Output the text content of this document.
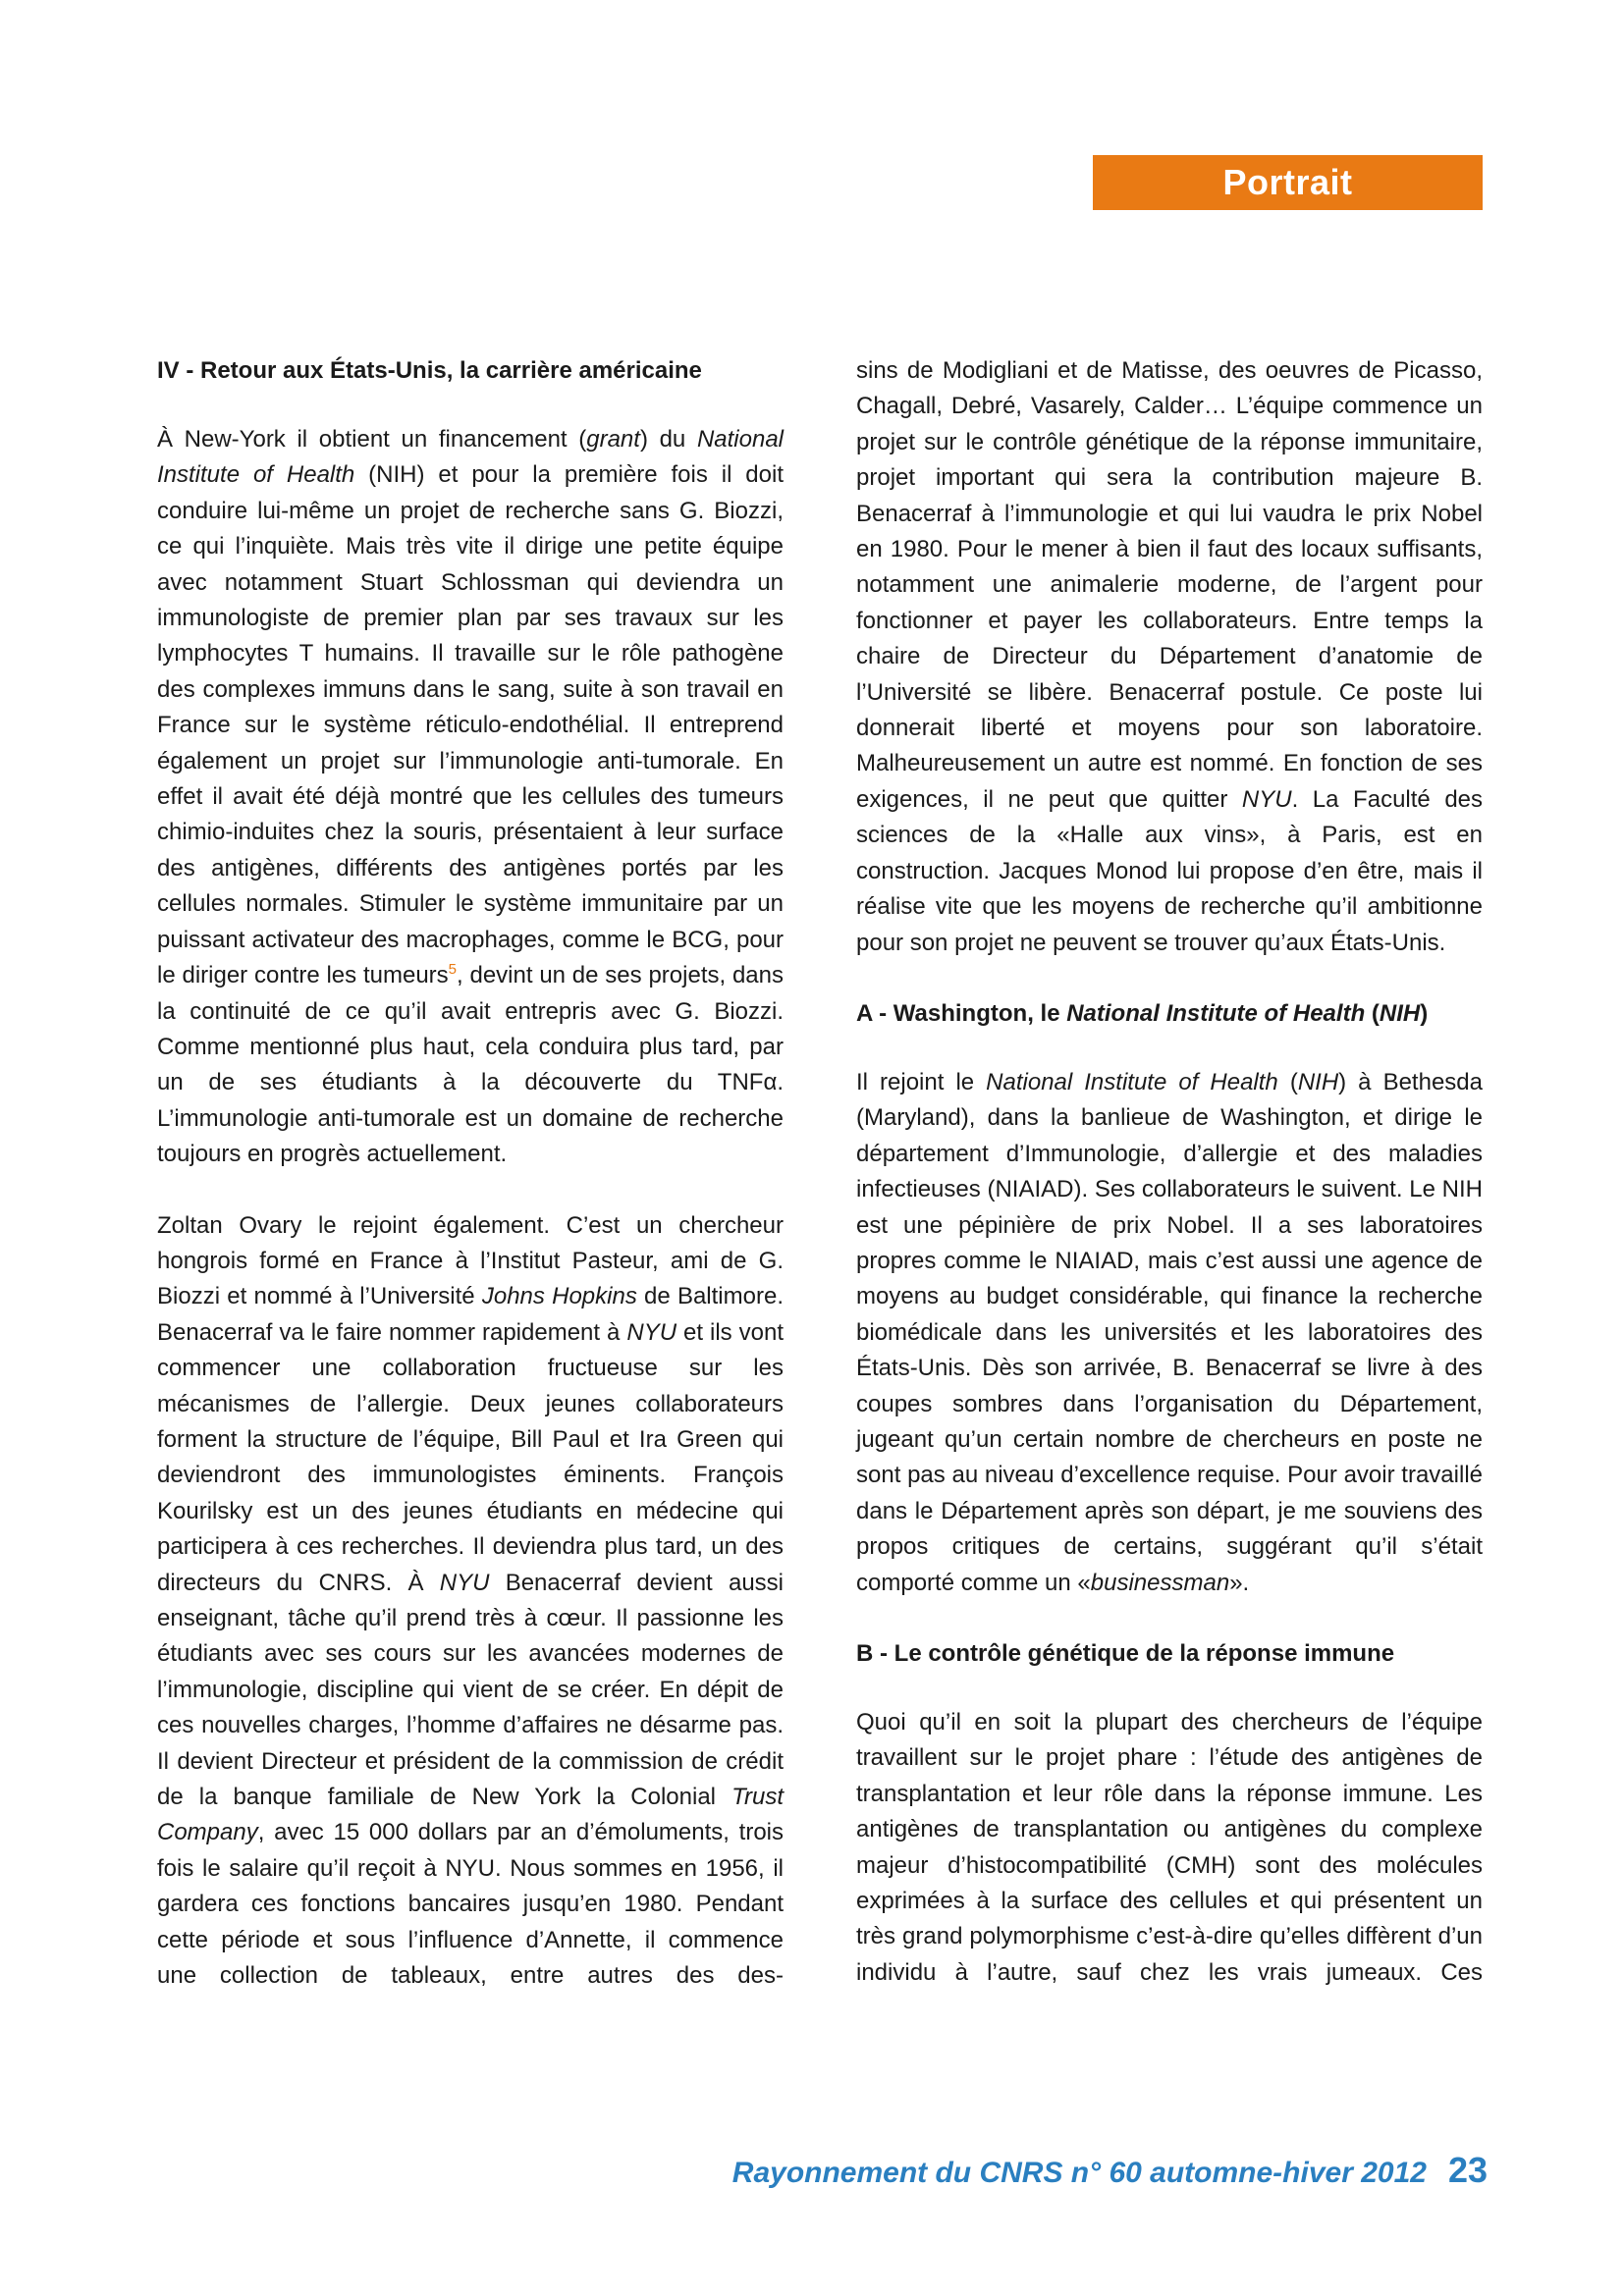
Portrait
IV - Retour aux États-Unis, la carrière américaine

À New-York il obtient un financement (grant) du National Institute of Health (NIH) et pour la première fois il doit conduire lui-même un projet de recherche sans G. Biozzi, ce qui l’inquiète. Mais très vite il dirige une petite équipe avec notamment Stuart Schlossman qui deviendra un immunologiste de premier plan par ses travaux sur les lymphocytes T humains. Il travaille sur le rôle pathogène des complexes immuns dans le sang, suite à son travail en France sur le système réticulo-endothélial. Il entreprend également un projet sur l’immunologie anti-tumorale. En effet il avait été déjà montré que les cellules des tumeurs chimio-induites chez la souris, présentaient à leur surface des antigènes, différents des antigènes portés par les cellules normales. Stimuler le système immunitaire par un puissant activateur des macrophages, comme le BCG, pour le diriger contre les tumeurs$^5$, devint un de ses projets, dans la continuité de ce qu’il avait entrepris avec G. Biozzi. Comme mentionné plus haut, cela conduira plus tard, par un de ses étudiants à la découverte du TNFα. L’immunologie anti-tumorale est un domaine de recherche toujours en progrès actuellement.

Zoltan Ovary le rejoint également. C’est un chercheur hongrois formé en France à l’Institut Pasteur, ami de G. Biozzi et nommé à l’Université Johns Hopkins de Baltimore. Benacerraf va le faire nommer rapidement à NYU et ils vont commencer une collaboration fructueuse sur les mécanismes de l’allergie. Deux jeunes collaborateurs forment la structure de l’équipe, Bill Paul et Ira Green qui deviendront des immunologistes éminents. François Kourilsky est un des jeunes étudiants en médecine qui participera à ces recherches. Il deviendra plus tard, un des directeurs du CNRS. À NYU Benacerraf devient aussi enseignant, tâche qu’il prend très à cœur. Il passionne les étudiants avec ses cours sur les avancées modernes de l’immunologie, discipline qui vient de se créer. En dépit de ces nouvelles charges, l’homme d’affaires ne désarme pas. Il devient Directeur et président de la commission de crédit de la banque familiale de New York la Colonial Trust Company, avec 15 000 dollars par an d’émoluments, trois fois le salaire qu’il reçoit à NYU. Nous sommes en 1956, il gardera ces fonctions bancaires jusqu’en 1980. Pendant cette période et sous l’influence d’Annette, il commence une collection de tableaux, entre autres des des-

sins de Modigliani et de Matisse, des oeuvres de Picasso, Chagall, Debré, Vasarely, Calder… L’équipe commence un projet sur le contrôle génétique de la réponse immunitaire, projet important qui sera la contribution majeure B. Benacerraf à l’immunologie et qui lui vaudra le prix Nobel en 1980. Pour le mener à bien il faut des locaux suffisants, notamment une animalerie moderne, de l’argent pour fonctionner et payer les collaborateurs. Entre temps la chaire de Directeur du Département d’anatomie de l’Université se libère. Benacerraf postule. Ce poste lui donnerait liberté et moyens pour son laboratoire. Malheureusement un autre est nommé. En fonction de ses exigences, il ne peut que quitter NYU. La Faculté des sciences de la «Halle aux vins», à Paris, est en construction. Jacques Monod lui propose d’en être, mais il réalise vite que les moyens de recherche qu’il ambitionne pour son projet ne peuvent se trouver qu’aux États-Unis.

A - Washington, le National Institute of Health (NIH)

Il rejoint le National Institute of Health (NIH) à Bethesda (Maryland), dans la banlieue de Washington, et dirige le département d’Immunologie, d’allergie et des maladies infectieuses (NIAIAD). Ses collaborateurs le suivent. Le NIH est une pépinière de prix Nobel. Il a ses laboratoires propres comme le NIAIAD, mais c’est aussi une agence de moyens au budget considérable, qui finance la recherche biomédicale dans les universités et les laboratoires des États-Unis. Dès son arrivée, B. Benacerraf se livre à des coupes sombres dans l’organisation du Département, jugeant qu’un certain nombre de chercheurs en poste ne sont pas au niveau d’excellence requise. Pour avoir travaillé dans le Département après son départ, je me souviens des propos critiques de certains, suggérant qu’il s’était comporté comme un «businessman».

B - Le contrôle génétique de la réponse immune

Quoi qu’il en soit la plupart des chercheurs de l’équipe travaillent sur le projet phare : l’étude des antigènes de transplantation et leur rôle dans la réponse immune. Les antigènes de transplantation ou antigènes du complexe majeur d’histocompatibilité (CMH) sont des molécules exprimées à la surface des cellules et qui présentent un très grand polymorphisme c’est-à-dire qu’elles diffèrent d’un individu à l’autre, sauf chez les vrais jumeaux. Ces

Rayonnement du CNRS n° 60 automne-hiver 2012 23
